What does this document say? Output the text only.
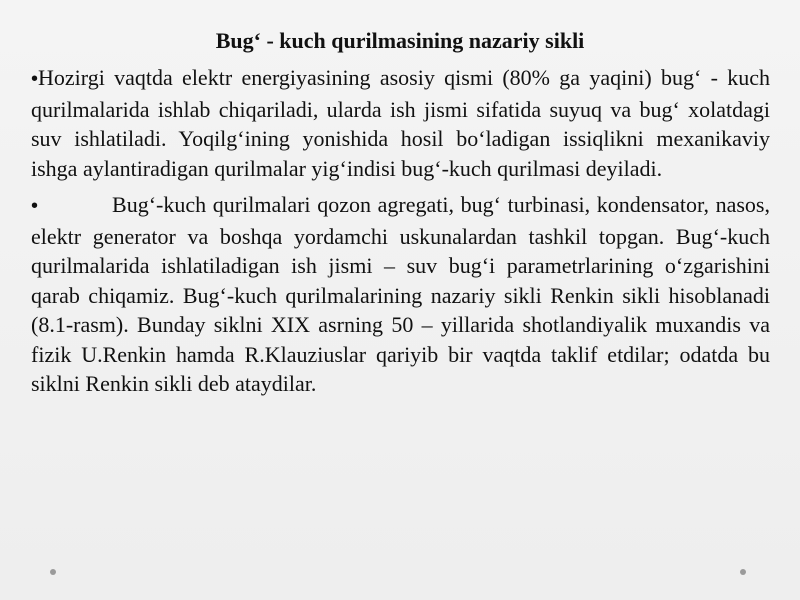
Bug‘ - kuch qurilmasining nazariy sikli

•Hozirgi vaqtda elektr energiyasining asosiy qismi (80% ga yaqini) bug‘ - kuch qurilmalarida ishlab chiqariladi, ularda ish jismi sifatida suyuq va bug‘ xolatdagi suv ishlatiladi. Yoqilg‘ining yonishida hosil bo‘ladigan issiqlikni mexanikaviy ishga aylantiradigan qurilmalar yig‘indisi bug‘-kuch qurilmasi deyiladi.

•	Bug‘-kuch qurilmalari qozon agregati, bug‘ turbinasi, kondensator, nasos, elektr generator va boshqa yordamchi uskunalardan tashkil topgan. Bug‘-kuch qurilmalarida ishlatiladigan ish jismi – suv bug‘i parametrlarining o‘zgarishini qarab chiqamiz. Bug‘-kuch qurilmalarining nazariy sikli Renkin sikli hisoblanadi (8.1-rasm). Bunday siklni XIX asrning 50 – yillarida shotlandiyalik muxandis va fizik U.Renkin hamda R.Klauziuslar qariyib bir vaqtda taklif etdilar; odatda bu siklni Renkin sikli deb ataydilar.
